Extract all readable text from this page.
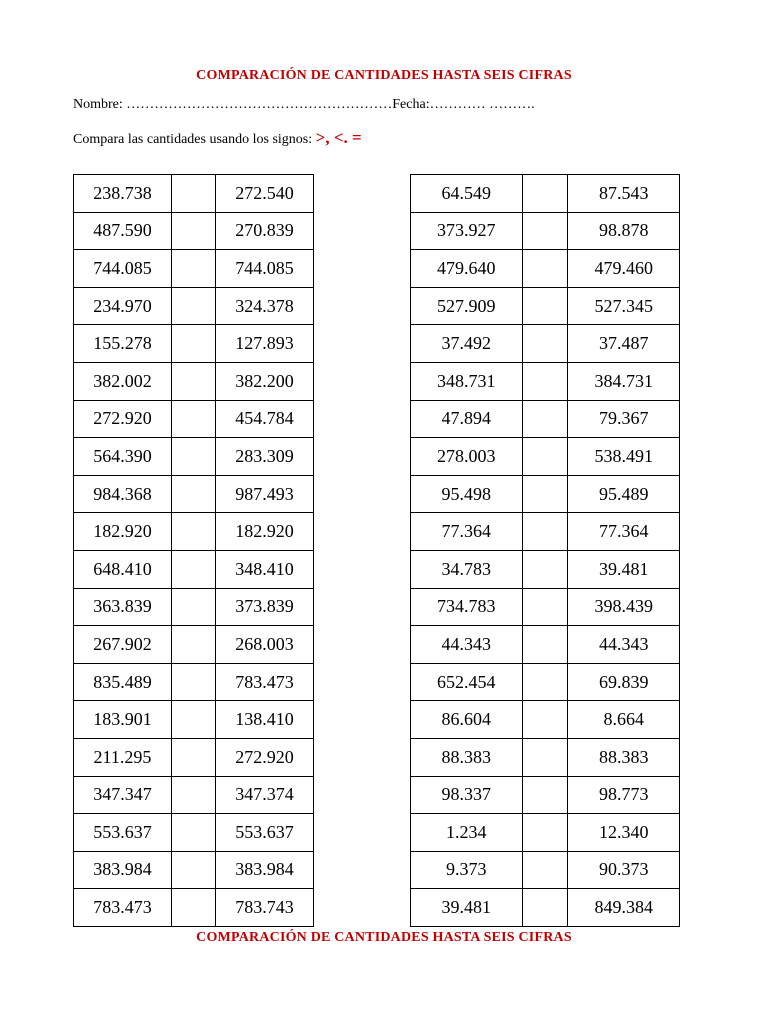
COMPARACIÓN DE CANTIDADES HASTA SEIS CIFRAS
Nombre: …………………………………………………Fecha:………… ……….
Compara las cantidades usando los signos: >, <. =
238.738		272.540
487.590		270.839
744.085		744.085
234.970		324.378
155.278		127.893
382.002		382.200
272.920		454.784
564.390		283.309
984.368		987.493
182.920		182.920
648.410		348.410
363.839		373.839
267.902		268.003
835.489		783.473
183.901		138.410
211.295		272.920
347.347		347.374
553.637		553.637
383.984		383.984
783.473		783.743
64.549		87.543
373.927		98.878
479.640		479.460
527.909		527.345
37.492		37.487
348.731		384.731
47.894		79.367
278.003		538.491
95.498		95.489
77.364		77.364
34.783		39.481
734.783		398.439
44.343		44.343
652.454		69.839
86.604		8.664
88.383		88.383
98.337		98.773
1.234		12.340
9.373		90.373
39.481		849.384
COMPARACIÓN DE CANTIDADES HASTA SEIS CIFRAS
